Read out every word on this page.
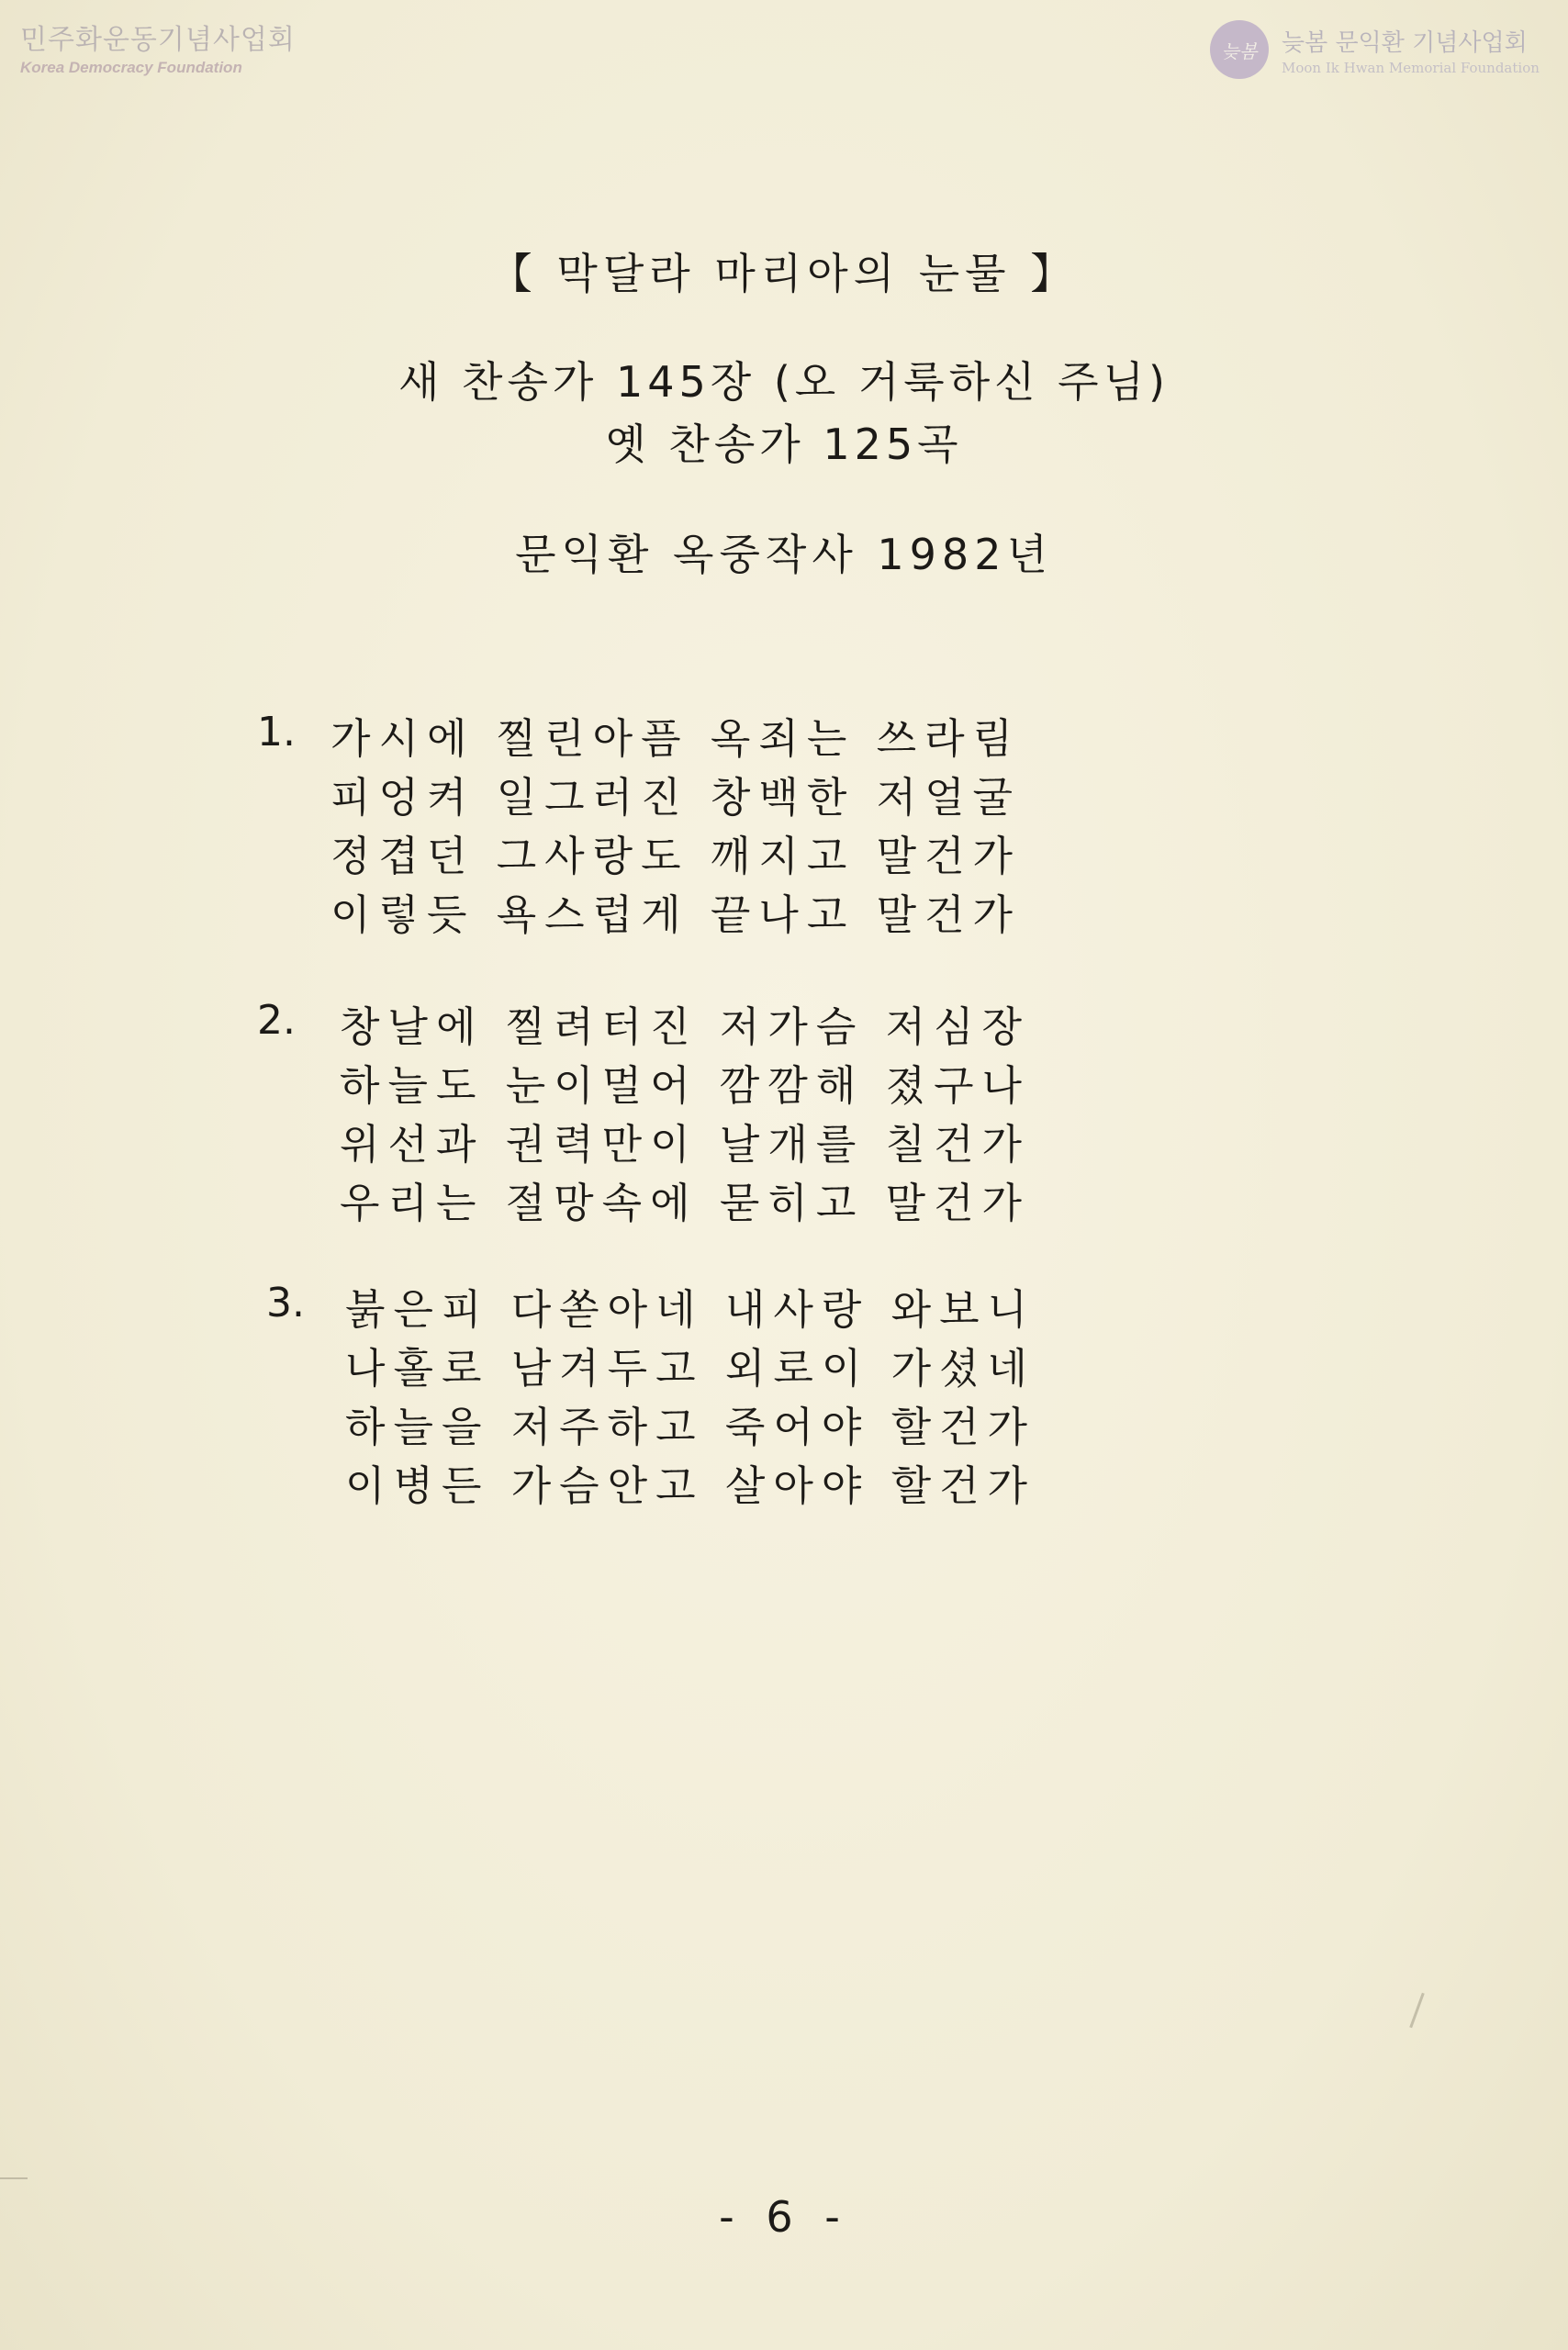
민주화운동기념사업회
Korea Democracy Foundation
늦봄	늦봄 문익환 기념사업회
Moon Ik Hwan Memorial Foundation
【 막달라 마리아의 눈물 】
새 찬송가 145장 (오 거룩하신 주님)
옛 찬송가 125곡
문익환 옥중작사 1982년
1. 가시에 찔린아픔 옥죄는 쓰라림
피엉켜 일그러진 창백한 저얼굴
정겹던 그사랑도 깨지고 말건가
이렇듯 욕스럽게 끝나고 말건가
2. 창날에 찔려터진 저가슴 저심장
하늘도 눈이멀어 깜깜해 졌구나
위선과 권력만이 날개를 칠건가
우리는 절망속에 묻히고 말건가
3. 붉은피 다쏟아네 내사랑 와보니
나홀로 남겨두고 외로이 가셨네
하늘을 저주하고 죽어야 할건가
이병든 가슴안고 살아야 할건가
- 6 -
